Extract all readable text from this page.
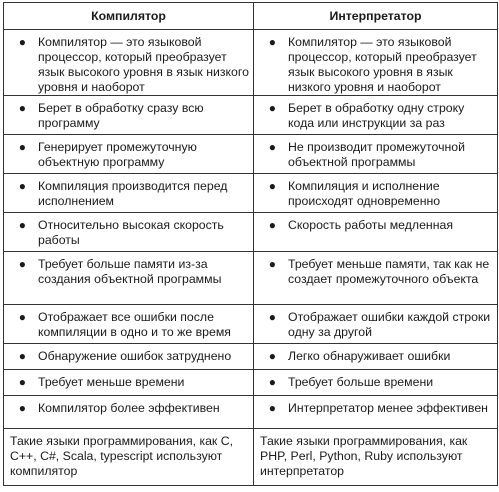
Компилятор	Интерпретатор

● Компилятор — это языковой процессор, который преобразует язык высокого уровня в язык низкого уровня и наоборот	● Компилятор — это языковой процессор, который преобразует язык высокого уровня в язык низкого уровня и наоборот

● Берет в обработку сразу всю программу	● Берет в обработку одну строку кода или инструкции за раз

● Генерирует промежуточную объектную программу	● Не производит промежуточной объектной программы

● Компиляция производится перед исполнением	● Компиляция и исполнение происходят одновременно

● Относительно высокая скорость работы	● Скорость работы медленная

● Требует больше памяти из-за создания объектной программы	● Требует меньше памяти, так как не создает промежуточного объекта

● Отображает все ошибки после компиляции в одно и то же время	● Отображает ошибки каждой строки одну за другой

● Обнаружение ошибок затруднено	● Легко обнаруживает ошибки

● Требует меньше времени	● Требует больше времени

● Компилятор более эффективен	● Интерпретатор менее эффективен

Такие языки программирования, как C, C++, C#, Scala, typescript используют компилятор	Такие языки программирования, как PHP, Perl, Python, Ruby используют интерпретатор
